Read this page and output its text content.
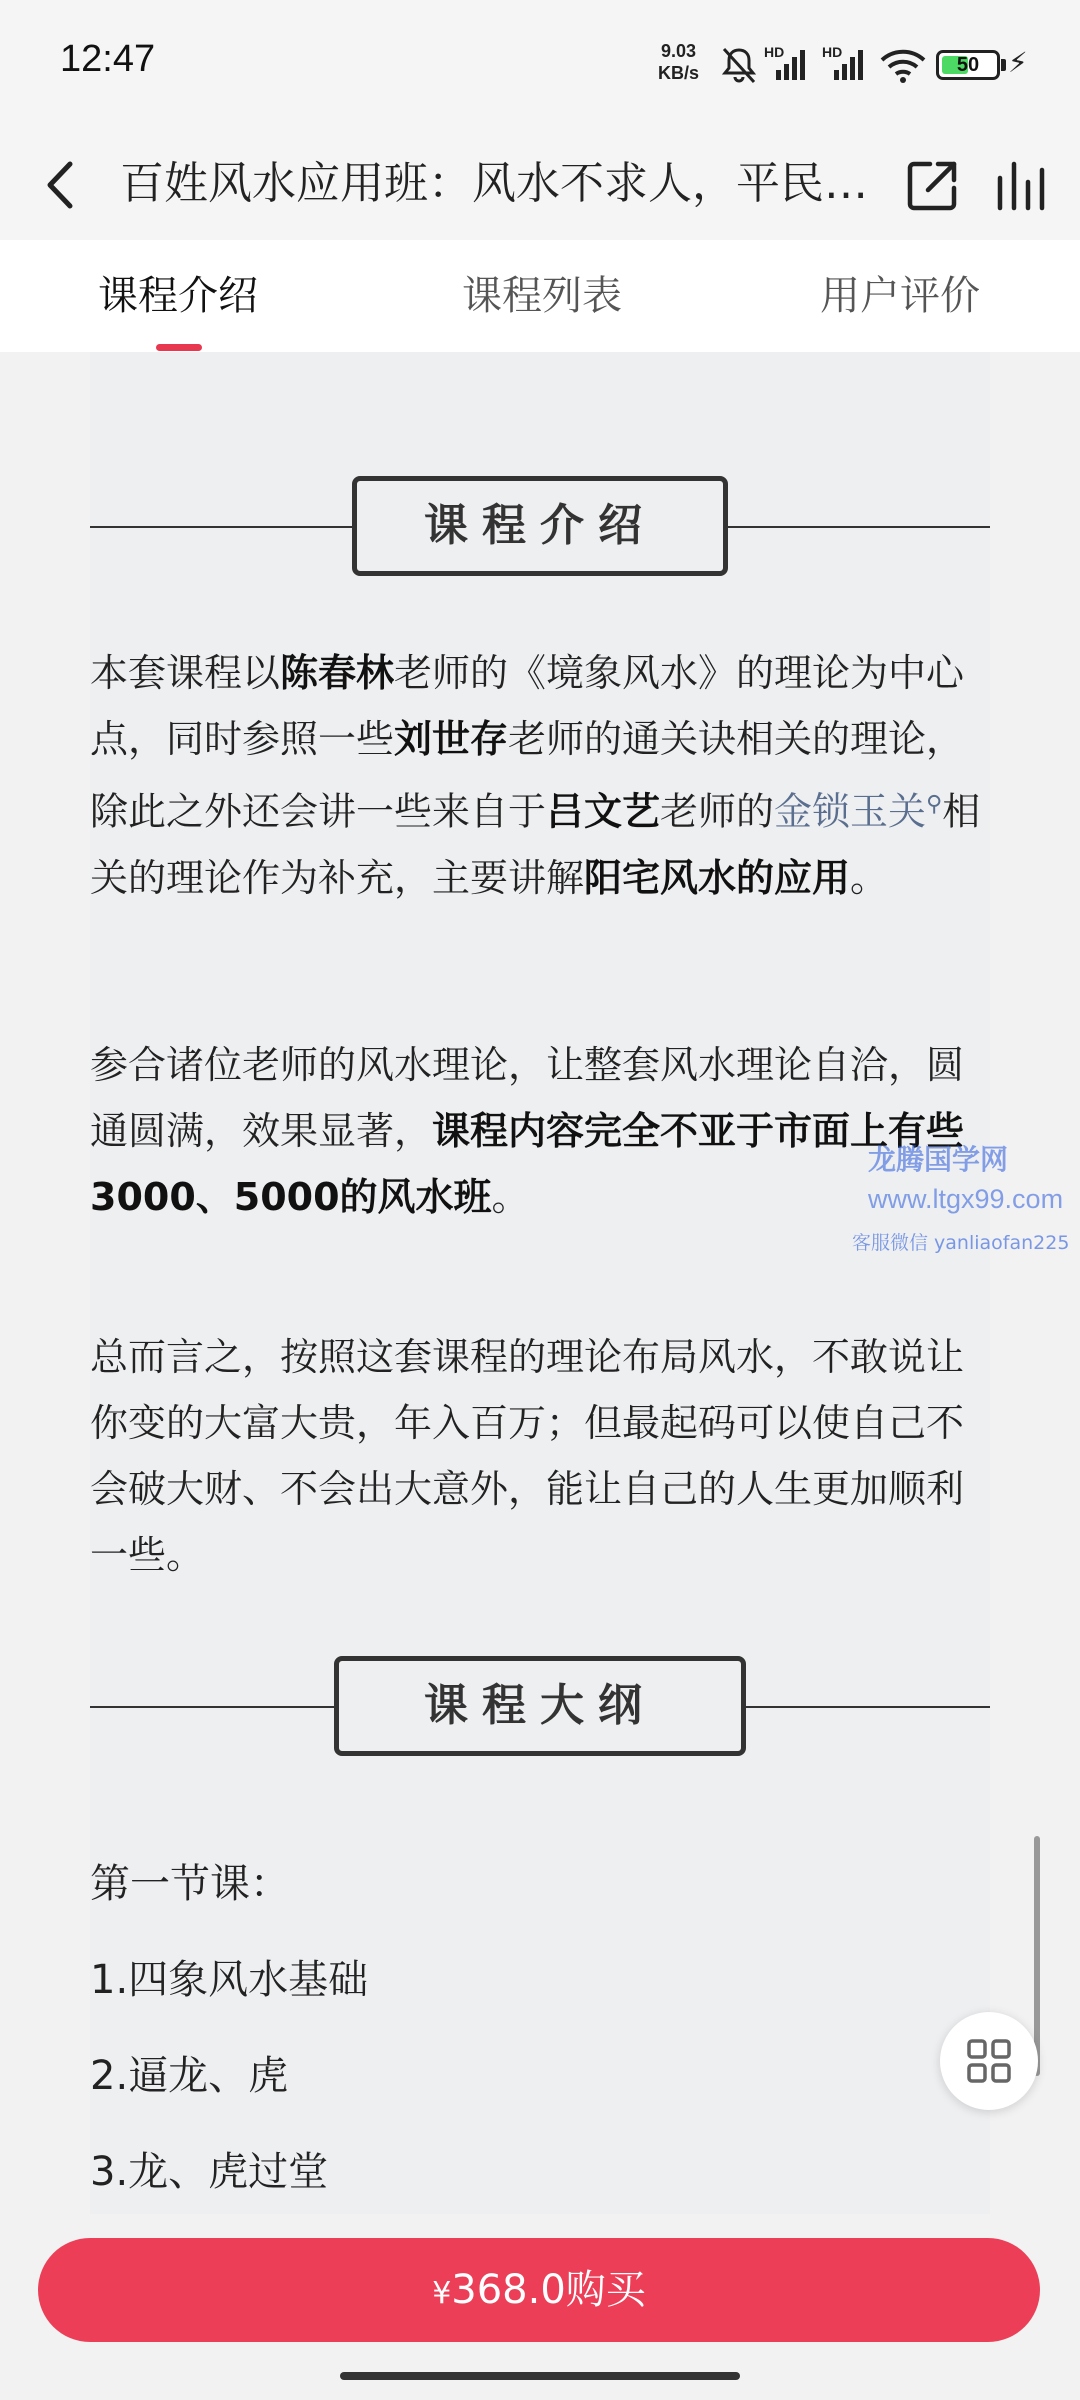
12:47	9.03
KB/s
HD	HD
50	⚡
百姓风水应用班：风水不求人，平民…
课程介绍	课程列表	用户评价
课程介绍
本套课程以陈春林老师的《境象风水》的理论为中心点，同时参照一些刘世存老师的通关诀相关的理论，除此之外还会讲一些来自于吕文艺老师的金锁玉关⚲相关的理论作为补充，主要讲解阳宅风水的应用。
参合诸位老师的风水理论，让整套风水理论自洽，圆通圆满，效果显著，课程内容完全不亚于市面上有些3000、5000的风水班。
总而言之，按照这套课程的理论布局风水，不敢说让你变的大富大贵，年入百万；但最起码可以使自己不会破大财、不会出大意外，能让自己的人生更加顺利一些。
课程大纲
第一节课：
1.四象风水基础
2.逼龙、虎
3.龙、虎过堂
龙腾国学网
www.ltgx99.com
客服微信 yanliaofan225
¥368.0购买
